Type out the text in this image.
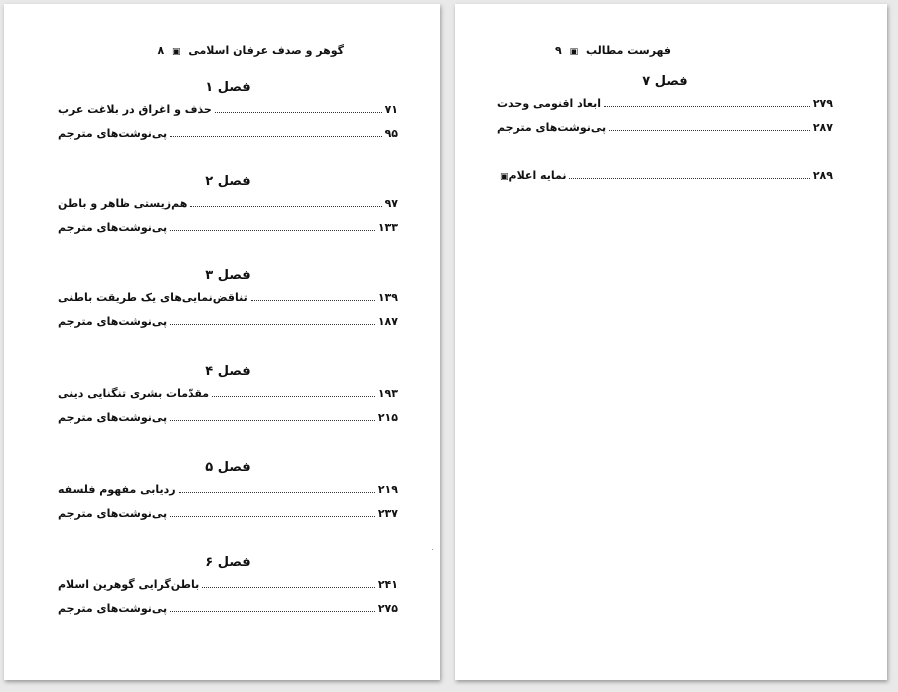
گوهر و صدف عرفان اسلامی ▣ ۸
فصل ۱
حذف و اغراق در بلاغت عرب	۷۱
پی‌نوشت‌های مترجم	۹۵
فصل ۲
هم‌زیستی ظاهر و باطن	۹۷
پی‌نوشت‌های مترجم	۱۳۳
فصل ۳
تناقض‌نمایی‌های یک طریقت باطنی	۱۳۹
پی‌نوشت‌های مترجم	۱۸۷
فصل ۴
مقدّمات بشری تنگنایی دینی	۱۹۳
پی‌نوشت‌های مترجم	۲۱۵
فصل ۵
ردیابی مفهوم فلسفه	۲۱۹
پی‌نوشت‌های مترجم	۲۳۷
فصل ۶
باطن‌گرایی گوهرین اسلام	۲۴۱
پی‌نوشت‌های مترجم	۲۷۵
فهرست مطالب ▣ ۹
فصل ۷
ابعاد اقنومی وحدت	۲۷۹
پی‌نوشت‌های مترجم	۲۸۷
▣نمایه اعلام	۲۸۹
